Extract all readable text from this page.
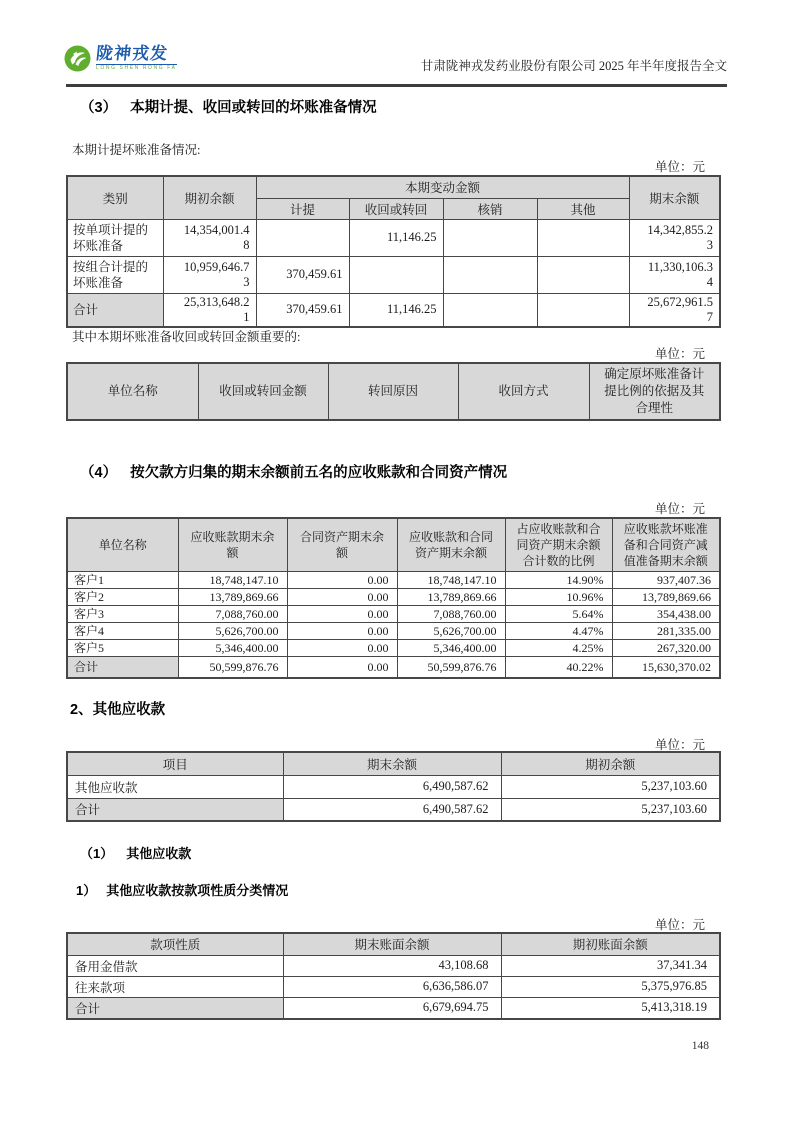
陇神戎发
LONG SHEN RONG FA	甘肃陇神戎发药业股份有限公司 2025 年半年度报告全文
（3） 本期计提、收回或转回的坏账准备情况
本期计提坏账准备情况:
单位：元
类别	期初余额	本期变动金额				期末余额
		计提	收回或转回	核销	其他	
按单项计提的坏账准备	14,354,001.48		11,146.25			14,342,855.23

按组合计提的坏账准备	10,959,646.73	370,459.61				11,330,106.34

合计	25,313,648.21	370,459.61	11,146.25			25,672,961.57
其中本期坏账准备收回或转回金额重要的:
单位：元
单位名称	收回或转回金额	转回原因	收回方式	确定原坏账准备计提比例的依据及其合理性
（4） 按欠款方归集的期末余额前五名的应收账款和合同资产情况
单位：元
单位名称	应收账款期末余额	合同资产期末余额	应收账款和合同资产期末余额	占应收账款和合同资产期末余额合计数的比例	应收账款坏账准备和合同资产减值准备期末余额
客户1	18,748,147.10	0.00	18,748,147.10	14.90%	937,407.36
客户2	13,789,869.66	0.00	13,789,869.66	10.96%	13,789,869.66
客户3	7,088,760.00	0.00	7,088,760.00	5.64%	354,438.00
客户4	5,626,700.00	0.00	5,626,700.00	4.47%	281,335.00
客户5	5,346,400.00	0.00	5,346,400.00	4.25%	267,320.00
合计	50,599,876.76	0.00	50,599,876.76	40.22%	15,630,370.02
2、其他应收款
单位：元
项目	期末余额	期初余额
其他应收款	6,490,587.62	5,237,103.60
合计	6,490,587.62	5,237,103.60
（1） 其他应收款
1） 其他应收款按款项性质分类情况
单位：元
款项性质	期末账面余额	期初账面余额
备用金借款	43,108.68	37,341.34
往来款项	6,636,586.07	5,375,976.85
合计	6,679,694.75	5,413,318.19
148
